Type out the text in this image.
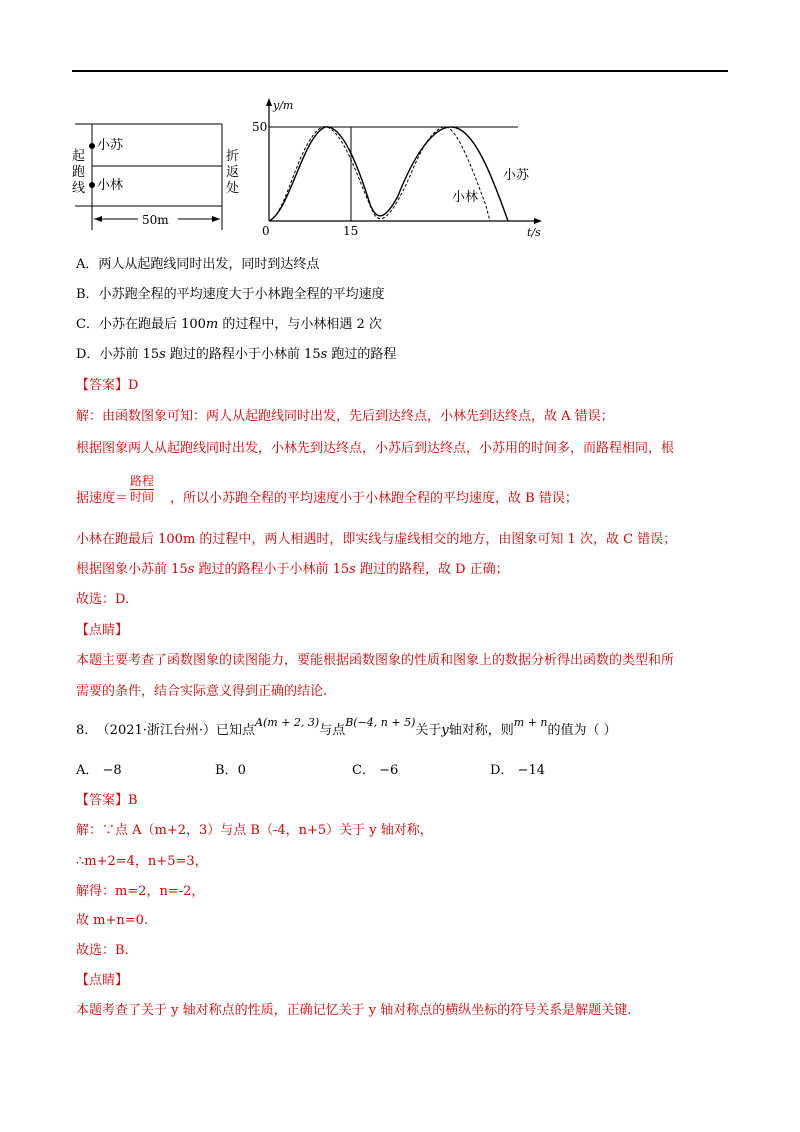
小苏
小林
起
跑
线
折
返
处
50m
y/m
50
0	15	t/s
小苏
小林
A．两人从起跑线同时出发，同时到达终点
B．小苏跑全程的平均速度大于小林跑全程的平均速度
C．小苏在跑最后 100m 的过程中，与小林相遇 2 次
D．小苏前 15s 跑过的路程小于小林前 15s 跑过的路程
【答案】D
解：由函数图象可知：两人从起跑线同时出发，先后到达终点，小林先到达终点，故 A 错误；
根据图象两人从起跑线同时出发，小林先到达终点，小苏后到达终点，小苏用的时间多，而路程相同，根
据速度＝
路程
时间 ，所以小苏跑全程的平均速度小于小林跑全程的平均速度，故 B 错误；
小林在跑最后 100m 的过程中，两人相遇时，即实线与虚线相交的地方，由图象可知 1 次，故 C 错误；
根据图象小苏前 15s 跑过的路程小于小林前 15s 跑过的路程，故 D 正确；
故选：D.
【点睛】
本题主要考查了函数图象的读图能力，要能根据函数图象的性质和图象上的数据分析得出函数的类型和所
需要的条件，结合实际意义得到正确的结论.
8. （2021·浙江台州·）已知点$^{A(m + 2, 3)}$与点$^{B(-4, n + 5)}$关于y轴对称，则$^{m + n}$的值为（ ）
A． −8	B．0	C． −6	D． −14
【答案】B
解：∵点 A（m+2，3）与点 B（-4，n+5）关于 y 轴对称，
∴m+2=4，n+5=3，
解得：m=2，n=-2，
故 m+n=0.
故选：B.
【点睛】
本题考查了关于 y 轴对称点的性质，正确记忆关于 y 轴对称点的横纵坐标的符号关系是解题关键.
